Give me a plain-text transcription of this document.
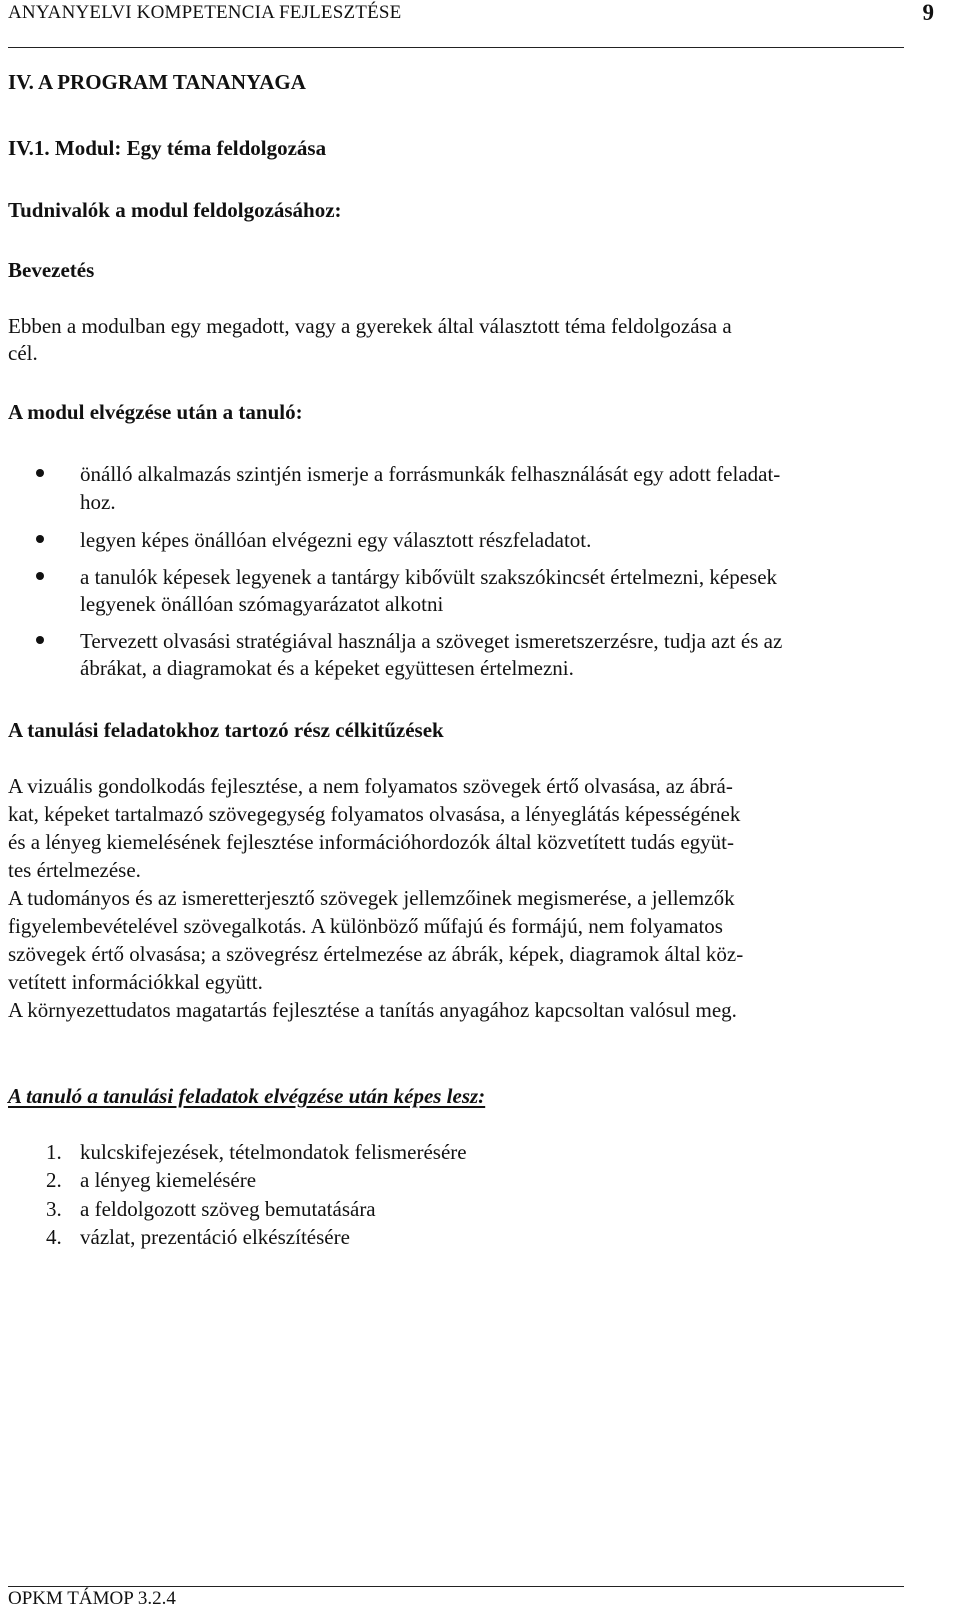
ANYANYELVI KOMPETENCIA FEJLESZTÉSE	9
IV. A PROGRAM TANANYAGA
IV.1. Modul: Egy téma feldolgozása
Tudnivalók a modul feldolgozásához:
Bevezetés
Ebben a modulban egy megadott, vagy a gyerekek által választott téma feldolgozása a
cél.
A modul elvégzése után a tanuló:
önálló alkalmazás szintjén ismerje a forrásmunkák felhasználását egy adott feladat-
hoz.
legyen képes önállóan elvégezni egy választott részfeladatot.
a tanulók képesek legyenek a tantárgy kibővült szakszókincsét értelmezni, képesek
legyenek önállóan szómagyarázatot alkotni
Tervezett olvasási stratégiával használja a szöveget ismeretszerzésre, tudja azt és az
ábrákat, a diagramokat és a képeket együttesen értelmezni.
A tanulási feladatokhoz tartozó rész célkitűzések
A vizuális gondolkodás fejlesztése, a nem folyamatos szövegek értő olvasása, az ábrá-
kat, képeket tartalmazó szövegegység folyamatos olvasása, a lényeglátás képességének
és a lényeg kiemelésének fejlesztése információhordozók által közvetített tudás együt-
tes értelmezése.
A tudományos és az ismeretterjesztő szövegek jellemzőinek megismerése, a jellemzők
figyelembevételével szövegalkotás. A különböző műfajú és formájú, nem folyamatos
szövegek értő olvasása; a szövegrész értelmezése az ábrák, képek, diagramok által köz-
vetített információkkal együtt.
A környezettudatos magatartás fejlesztése a tanítás anyagához kapcsoltan valósul meg.
A tanuló a tanulási feladatok elvégzése után képes lesz:
1. kulcskifejezések, tételmondatok felismerésére
2. a lényeg kiemelésére
3. a feldolgozott szöveg bemutatására
4. vázlat, prezentáció elkészítésére
OPKM TÁMOP 3.2.4
